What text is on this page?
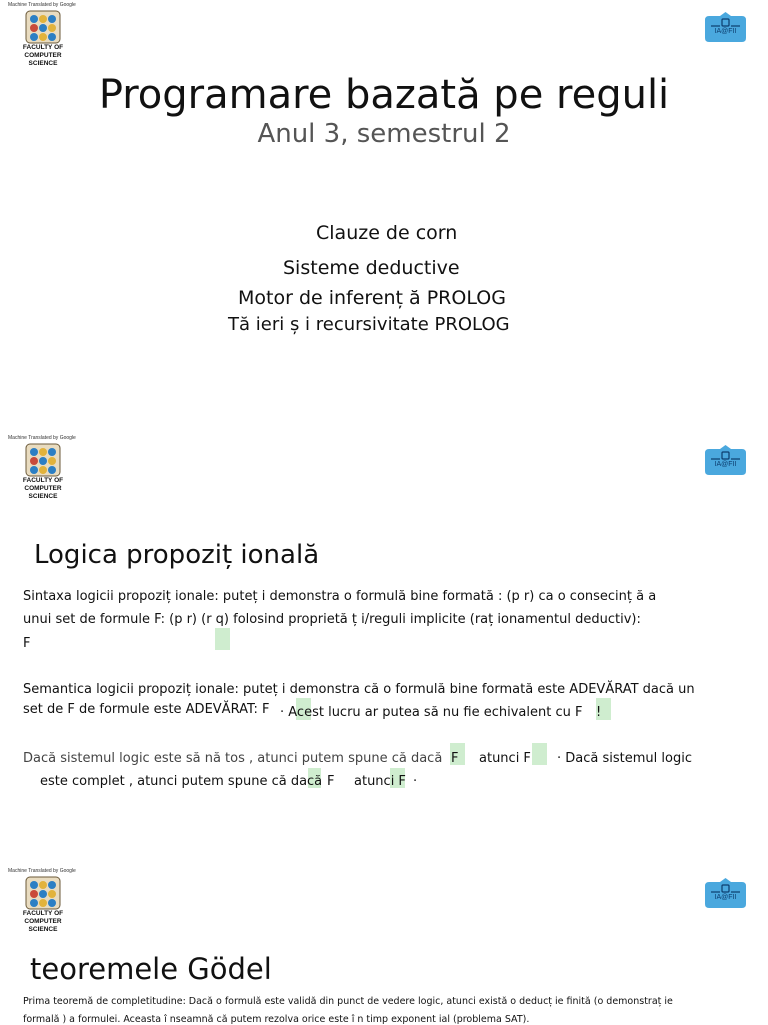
Machine Translated by Google
FACULTY OF
COMPUTER SCIENCE
IA@FII
Programare bazată pe reguli
Anul 3, semestrul 2
Clauze de corn
Sisteme deductive
Motor de inferenț ă PROLOG
Tă ieri ș i recursivitate PROLOG
Machine Translated by Google
FACULTY OF
COMPUTER SCIENCE
IA@FII
Logica propoziț ională
Sintaxa logicii propoziț ionale: puteț i demonstra o formulă bine formată : (p r) ca o consecinț ă a
unui set de formule F: (p r) (r q) folosind proprietă ț i/reguli implicite (raț ionamentul deductiv):
F
Semantica logicii propoziț ionale: puteț i demonstra că o formulă bine formată este ADEVĂRAT dacă un
set de F de formule este ADEVĂRAT: F · Acest lucru ar putea să nu fie echivalent cu F !
Dacă sistemul logic este să nă tos , atunci putem spune că dacă F atunci F · Dacă sistemul logic
este complet , atunci putem spune că dacă F atunci F ·
Machine Translated by Google
FACULTY OF
COMPUTER SCIENCE
IA@FII
teoremele Gödel
Prima teoremă de completitudine: Dacă o formulă este validă din punct de vedere logic, atunci există o deducț ie finită (o demonstraț ie
formală ) a formulei. Aceasta î nseamnă că putem rezolva orice este î n timp exponent ial (problema SAT).
